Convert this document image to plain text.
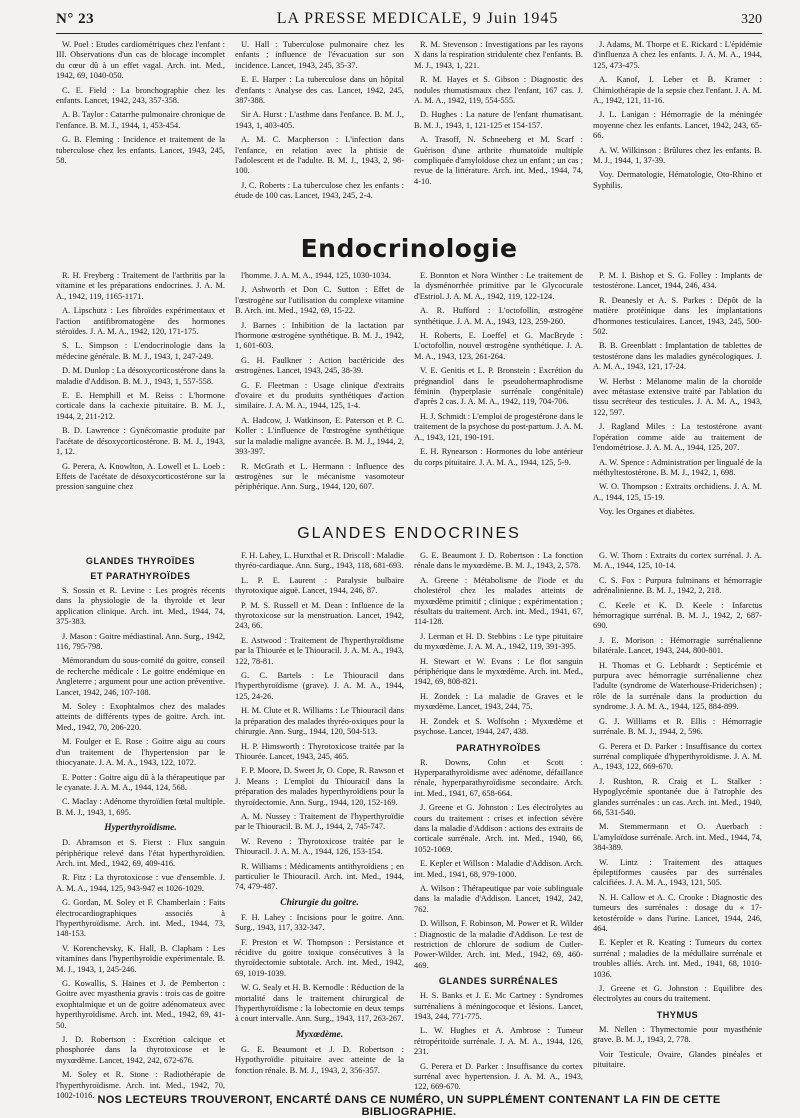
N° 23	LA PRESSE MEDICALE, 9 Juin 1945	320

W. Poel : Etudes cardiométriques chez l'enfant : III. Observations d'un cas de blocage incomplet du cœur dû à un effet vagal. Arch. int. Med., 1942, 69, 1040-050.

C. E. Field : La bronchographie chez les enfants. Lancet, 1942, 243, 357-358.

A. B. Taylor : Catarrhe pulmonaire chronique de l'enfance. B. M. J., 1944, 1, 453-454.

G. B. Fleming : Incidence et traitement de la tuberculose chez les enfants. Lancet, 1943, 245, 58.

U. Hall : Tuberculose pulmonaire chez les enfants ; influence de l'évacuation sur son incidence. Lancet, 1943, 245, 35-37.

E. E. Harper : La tuberculose dans un hôpital d'enfants : Analyse des cas. Lancet, 1942, 245, 387-388.

Sir A. Hurst : L'asthme dans l'enfance. B. M. J., 1943, 1, 403-405.

A. M. C. Macpherson : L'infection dans l'enfance, en relation avec la phtisie de l'adolescent et de l'adulte. B. M. J., 1943, 2, 98-100.

J. C. Roberts : La tuberculose chez les enfants : étude de 100 cas. Lancet, 1943, 245, 2-4.

R. M. Stevenson : Investigations par les rayons X dans la respiration stridulente chez l'enfants. B. M. J., 1943, 1, 221.

R. M. Hayes et S. Gibson : Diagnostic des nodules rhumatismaux chez l'enfant, 167 cas. J. A. M. A., 1942, 119, 554-555.

D. Hughes : La nature de l'enfant rhumatisant. B. M. J., 1943, 1, 121-125 et 154-157.

A. Trasoff, N. Schneeberg et M. Scarf : Guérison d'une arthrite rhumatoïde multiple compliquée d'amyloïdose chez un enfant ; un cas ; revue de la littérature. Arch. int. Med., 1944, 74, 4-10.

J. Adams, M. Thorpe et E. Rickard : L'épidémie d'influenza A chez les enfants. J. A. M. A., 1944, 125, 473-475.

A. Kanof, I. Leber et B. Kramer : Chimiothérapie de la sepsie chez l'enfant. J. A. M. A., 1942, 121, 11-16.

J. L. Lanigan : Hémorragie de la méningée moyenne chez les enfants. Lancet, 1942, 243, 65-66.

A. W. Wilkinson : Brûlures chez les enfants. B. M. J., 1944, 1, 37-39.

Voy. Dermatologie, Hématologie, Oto-Rhino et Syphilis.

Endocrinologie

R. H. Freyberg : Traitement de l'arthritis par la vitamine et les préparations endocrines. J. A. M. A., 1942, 119, 1165-1171.

A. Lipschutz : Les fibroïdes expérimentaux et l'action antifibromatogène des hormones stéroïdes. J. A. M. A., 1942, 120, 171-175.

S. L. Simpson : L'endocrinologie dans la médecine générale. B. M. J., 1943, 1, 247-249.

D. M. Dunlop : La désoxycorticostérone dans la maladie d'Addison. B. M. J., 1943, 1, 557-558.

E. E. Hemphill et M. Reiss : L'hormone corticale dans la cachexie pituitaire. B. M. J., 1944, 2, 211-212.

B. D. Lawrence : Gynécomastie produite par l'acétate de désoxycorticostérone. B. M. J., 1943, 1, 12.

G. Perera, A. Knowlton, A. Lowell et L. Loeb : Effets de l'acétate de désoxycorticostérone sur la pression sanguine chez

l'homme. J. A. M. A., 1944, 125, 1030-1034.

J. Ashworth et Don C. Sutton : Effet de l'œstrogène sur l'utilisation du complexe vitamine B. Arch. int. Med., 1942, 69, 15-22.

J. Barnes : Inhibition de la lactation par l'hormone œstrogène synthétique. B. M. J., 1942, 1, 601-603.

G. H. Faulkner : Action bactéricide des œstrogènes. Lancet, 1943, 245, 38-39.

G. F. Fleetman : Usage clinique d'extraits d'ovaire et du produits synthétiques d'action similaire. J. A. M. A., 1944, 125, 1-4.

A. Hadcow, J. Watkinson, E. Paterson et P. C. Koller : L'influence de l'œstrogène synthétique sur la maladie maligne avancée. B. M. J., 1944, 2, 393-397.

R. McGrath et L. Hermann : Influence des œstrogènes sur le mécanisme vasomoteur périphérique. Ann. Surg., 1944, 120, 607.

E. Bonnton et Nora Winther : Le traitement de la dysménorrhée primitive par le Glycocurale d'Estriol. J. A. M. A., 1942, 119, 122-124.

A. R. Hufford : L'octofollin, œstrogène synthétique. J. A. M. A., 1943, 123, 259-260.

H. Roberts, E. Loeffel et G. MacBryde : L'octofollin, nouvel œstrogène synthétique. J. A. M. A., 1943, 123, 261-264.

V. E. Genitis et L. P. Bronstein : Excrétion du prégnandiol dans le pseudohermaphrodisme féminin (hyperplasie surrénale congénitale) d'après 2 cas. J. A. M. A., 1942, 119, 704-706.

H. J. Schmidt : L'emploi de progestérone dans le traitement de la psychose du post-partum. J. A. M. A., 1943, 121, 190-191.

E. H. Rynearson : Hormones du lobe antérieur du corps pituitaire. J. A. M. A., 1944, 125, 5-9.

P. M. I. Bishop et S. G. Folley : Implants de testostérone. Lancet, 1944, 246, 434.

R. Deanesly et A. S. Parkes : Dépôt de la matière protéinique dans les implantations d'hormones testiculaires. Lancet, 1943, 245, 500-502.

B. B. Greenblatt : Implantation de tablettes de testostérone dans les maladies gynécologiques. J. A. M. A., 1943, 121, 17-24.

W. Herbst : Mélanome malin de la choroïde avec métastase extensive traité par l'ablation du tissu secréteur des testicules. J. A. M. A., 1943, 122, 597.

J. Ragland Miles : La testostérone avant l'opération comme aide au traitement de l'endométriose. J. A. M. A., 1944, 125, 207.

A. W. Spence : Administration per lingualé de la méthyltestostérone. B. M. J., 1942, 1, 698.

W. O. Thompson : Extraits orchidiens. J. A. M. A., 1944, 125, 15-19.

Voy. les Organes et diabètes.

GLANDES ENDOCRINES
GLANDES THYROÏDES
ET PARATHYROÏDES

S. Sossin et R. Levine : Les progrès récents dans la physiologie de la thyroïde et leur application clinique. Arch. int. Med., 1944, 74, 375-383.

J. Mason : Goitre médiastinal. Ann. Surg., 1942, 116, 795-798.

Mémorandum du sous-comité du goitre, conseil de recherche médicale : Le goitre endémique en Angleterre ; argument pour une action préventive. Lancet, 1942, 246, 107-108.

M. Soley : Exophtalmos chez des malades atteints de différents types de goitre. Arch. int. Med., 1942, 70, 206-220.

M. Foulger et E. Rose : Goitre aigu au cours d'un traitement de l'hypertension par le thiocyanate. J. A. M. A., 1943, 122, 1072.

E. Potter : Goitre aigu dû à la thérapeutique par le cyanate. J. A. M. A., 1944, 124, 568.

C. Maclay : Adénome thyroïdien fœtal multiple. B. M. J., 1943, 1, 695.

Hyperthyroïdisme.

D. Abramson et S. Fierst : Flux sanguin périphérique relevé dans l'état hyperthyroïdien. Arch. int. Med., 1942, 69, 409-416.

R. Fitz : La thyrotoxicose : vue d'ensemble. J. A. M. A., 1944, 125, 943-947 et 1026-1029.

G. Gordan, M. Soley et F. Chamberlain : Faits électrocardiographiques associés à l'hyperthyroïdisme. Arch. int. Med., 1944, 73, 148-153.

V. Korenchevsky, K. Hall, B. Clapham : Les vitamines dans l'hyperthyroïdie expérimentale. B. M. J., 1943, 1, 245-246.

G. Kowallis, S. Haines et J. de Pemberton : Goitre avec myasthenia gravis : trois cas de goitre exophtalmique et un de goitre adénomateux avec hyperthyroïdisme. Arch. int. Med., 1942, 69, 41-50.

J. D. Robertson : Excrétion calcique et phosphorée dans la thyrotoxicose et le myxœdème. Lancet, 1942, 242, 672-676.

M. Soley et R. Stone : Radiothérapie de l'hyperthyroïdisme. Arch. int. Med., 1942, 70, 1002-1016.

F. H. Lahey, L. Hurxthal et R. Driscoll : Maladie thyréo-cardiaque. Ann. Surg., 1943, 118, 681-693.

L. P. E. Laurent : Paralysie bulbaire thyrotoxique aiguë. Lancet, 1944, 246, 87.

P. M. S. Russell et M. Dean : Influence de la thyrotoxicose sur la menstruation. Lancet, 1942, 243, 66.

E. Astwood : Traitement de l'hyperthyroïdisme par la Thiourée et le Thiouracil. J. A. M. A., 1943, 122, 78-81.

G. C. Bartels : Le Thiouracil dans l'hyperthyroïdisme (grave). J. A. M. A., 1944, 125, 24-26.

H. M. Clute et R. Williams : Le Thiouracil dans la préparation des malades thyréo-oxiques pour la chirurgie. Ann. Surg., 1944, 120, 504-513.

H. P. Himsworth : Thyrotoxicose traitée par la Thiourée. Lancet, 1943, 245, 465.

F. P. Moore, D. Sweet Jr, O. Cope, R. Rawson et J. Means : L'emploi du Thiouracil dans la préparation des malades hyperthyroïdiens pour la thyroïdectomie. Ann. Surg., 1944, 120, 152-169.

A. M. Nussey : Traitement de l'hyperthyroïdie par le Thiouracil. B. M. J., 1944, 2, 745-747.

W. Reveno : Thyrotoxicose traitée par le Thiouracil. J. A. M. A., 1944, 126, 153-154.

R. Williams : Médicaments antithyroïdiens ; en particulier le Thiouracil. Arch. int. Med., 1944, 74, 479-487.

Chirurgie du goitre.

F. H. Lahey : Incisions pour le goitre. Ann. Surg., 1943, 117, 332-347.

F. Preston et W. Thompson : Persistance et récidive du goitre toxique consécutives à la thyroïdectomie subtotale. Arch. int. Med., 1942, 69, 1019-1039.

W. G. Sealy et H. B. Kernodle : Réduction de la mortalité dans le traitement chirurgical de l'hyperthyroïdisme : la lobectomie en deux temps à court intervalle. Ann. Surg., 1943, 117, 263-267.

Myxœdème.

G. E. Beaumont et J. D. Robertson : Hypothyroïdie pituitaire avec atteinte de la fonction rénale. B. M. J., 1943, 2, 356-357.

G. E. Beaumont J. D. Robertson : La fonction rénale dans le myxœdème. B. M. J., 1943, 2, 578.

A. Greene : Métabolisme de l'iode et du cholestérol chez les malades atteints de myxœdème primitif ; clinique ; expérimentation ; résultats du traitement. Arch. int. Med., 1941, 67, 114-128.

J. Lerman et H. D. Stebbins : Le type pituitaire du myxœdème. J. A. M. A., 1942, 119, 391-395.

H. Stewart et W. Evans : Le flot sanguin périphérique dans le myxœdème. Arch. int. Med., 1942, 69, 808-821.

H. Zondek : La maladie de Graves et le myxœdème. Lancet, 1943, 244, 75.

H. Zondek et S. Wolfsohn : Myxœdème et psychose. Lancet, 1944, 247, 438.

PARATHYROÏDES

R. Downs, Cohn et Scott : Hyperparathyroïdisme avec adénome, défaillance rénale, hyperparathyroïdisme secondaire. Arch. int. Med., 1941, 67, 658-664.

J. Greene et G. Johnston : Les électrolytes au cours du traitement : crises et infection sévère dans la maladie d'Addison : actions des extraits de corticale surrénale. Arch. int. Med., 1940, 66, 1052-1069.

E. Kepler et Willson : Maladie d'Addison. Arch. int. Med., 1941, 68, 979-1000.

A. Wilson : Thérapeutique par voie sublinguale dans la maladie d'Addison. Lancet, 1942, 242, 762.

D. Willson, F. Robinson, M. Power et R. Wilder : Diagnostic de la maladie d'Addison. Le test de restriction de chlorure de sodium de Cutler-Power-Wilder. Arch. int. Med., 1942, 69, 460-469.

GLANDES SURRÉNALES

H. S. Banks et J. E. Mc Cartney : Syndromes surrénaliens à méningocoque et lésions. Lancet, 1943, 244, 771-775.

L. W. Hughes et A. Ambrose : Tumeur rétropéritoïde surrénale. J. A. M. A., 1944, 126, 231.

G. Perera et D. Parker : Insuffisance du cortex surrénal avec hypertension. J. A. M. A., 1943, 122, 669-670.

G. W. Thorn : Extraits du cortex surrénal. J. A. M. A., 1944, 125, 10-14.

C. S. Fox : Purpura fulminans et hémorragie adrénalinienne. B. M. J., 1942, 2, 218.

C. Keele et K. D. Keele : Infarctus hémorragique surrénal. B. M. J., 1942, 2, 687-690.

J. E. Morison : Hémorragie surrénalienne bilatérale. Lancet, 1943, 244, 800-801.

H. Thomas et G. Lebhardt : Septicémie et purpura avec hémorragie surrénalienne chez l'adulte (syndrome de Waterhouse-Friderichsen) ; rôle de la surrénale dans la production du syndrome. J. A. M. A., 1944, 125, 884-899.

G. J. Williams et R. Ellis : Hémorragie surrénale. B. M. J., 1944, 2, 596.

G. Perera et D. Parker : Insuffisance du cortex surrénal compliquée d'hyperthyroïdisme. J. A. M. A., 1943, 122, 669-670.

J. Rushton, R. Craig et L. Stalker : Hypoglycémie spontanée due à l'atrophie des glandes surrénales : un cas. Arch. int. Med., 1940, 66, 531-540.

M. Stemmermann et O. Auerbach : L'amyloïdose surrénale. Arch. int. Med., 1944, 74, 384-389.

W. Lintz : Traitement des attaques épileptiformes causées par des surrénales calcifiées. J. A. M. A., 1943, 121, 505.

N. H. Callow et A. C. Crooke : Diagnostic des tumeurs des surrénales : dosage du « 17-ketostéroïde » dans l'urine. Lancet, 1944, 246, 464.

E. Kepler et R. Keating : Tumeurs du cortex surrénal ; maladies de la médullaire surrénale et troubles alliés. Arch. int. Med., 1941, 68, 1010-1036.

J. Greene et G. Johnston : Equilibre des électrolytes au cours du traitement.

THYMUS

M. Nellen : Thymectomie pour myasthénie grave. B. M. J., 1943, 2, 778.

Voir Testicule, Ovaire, Glandes pinéales et pituitaire.

NOS LECTEURS TROUVERONT, ENCARTÉ DANS CE NUMÉRO, UN SUPPLÉMENT CONTENANT LA FIN DE CETTE BIBLIOGRAPHIE.
